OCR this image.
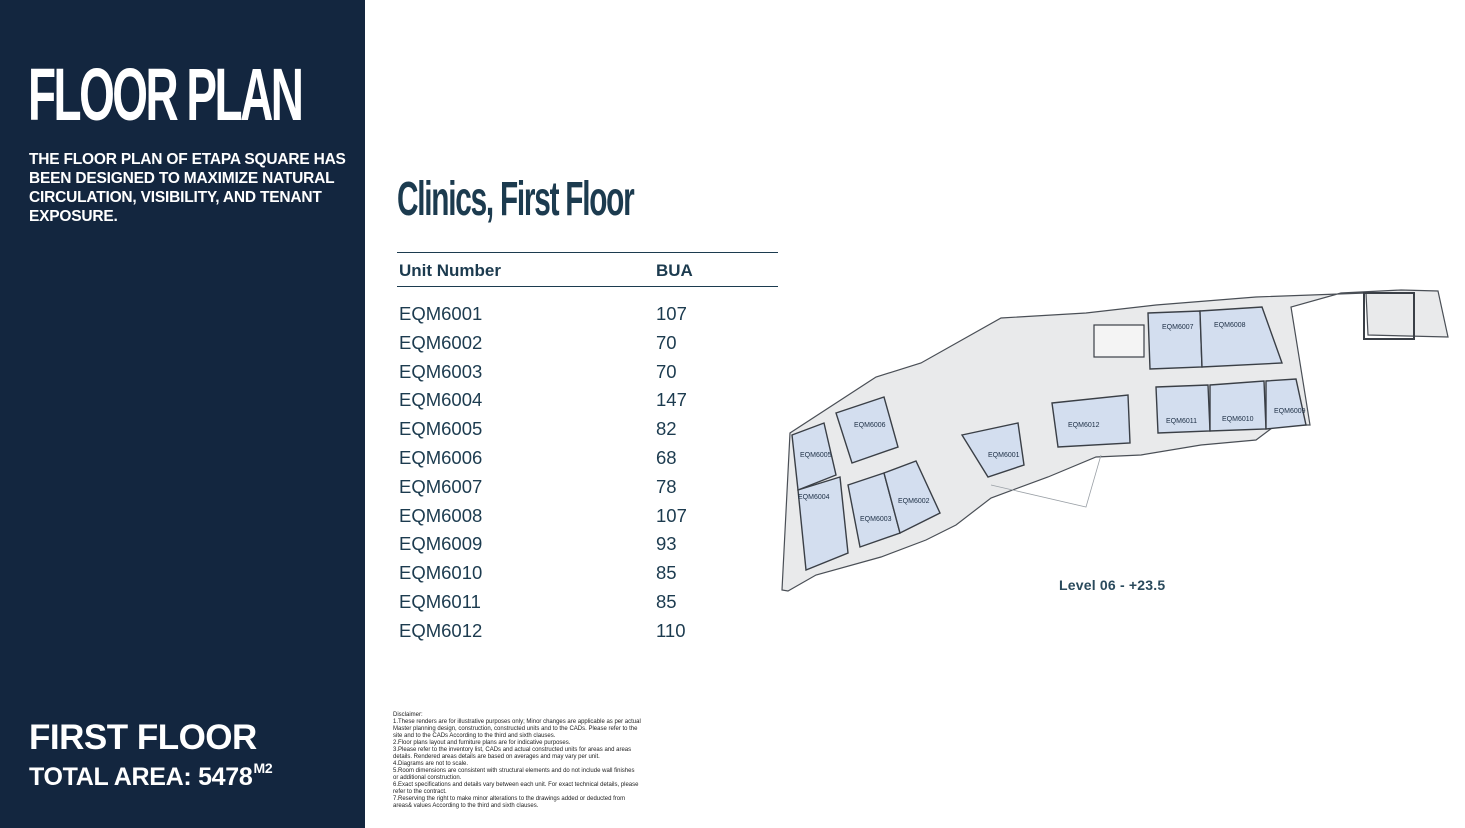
FLOOR PLAN
THE FLOOR PLAN OF ETAPA SQUARE HAS BEEN DESIGNED TO MAXIMIZE NATURAL CIRCULATION, VISIBILITY, AND TENANT EXPOSURE.
FIRST FLOOR
TOTAL AREA: $5478^{M2}$
Clinics, First Floor
Unit Number	BUA
EQM6001	107
EQM6002	70
EQM6003	70
EQM6004	147
EQM6005	82
EQM6006	68
EQM6007	78
EQM6008	107
EQM6009	93
EQM6010	85
EQM6011	85
EQM6012	110
EQM6001
EQM6002
EQM6003
EQM6004
EQM6005
EQM6006
EQM6007	EQM6008
EQM6009
EQM6010
EQM6011
EQM6012
Level 06 - +23.5

Disclaimer:

1.These renders are for illustrative purposes only; Minor changes are applicable as per actual Master planning design, construction, constructed units and to the CADs. Please refer to the site and to the CADs According to the third and sixth clauses.

2.Floor plans layout and furniture plans are for indicative purposes.

3.Please refer to the inventory list, CADs and actual constructed units for areas and areas details. Rendered areas details are based on averages and may vary per unit.

4.Diagrams are not to scale.

5.Room dimensions are consistent with structural elements and do not include wall finishes or additional construction.

6.Exact specifications and details vary between each unit. For exact technical details, please refer to the contract.

7.Reserving the right to make minor alterations to the drawings added or deducted from areas& values According to the third and sixth clauses.
